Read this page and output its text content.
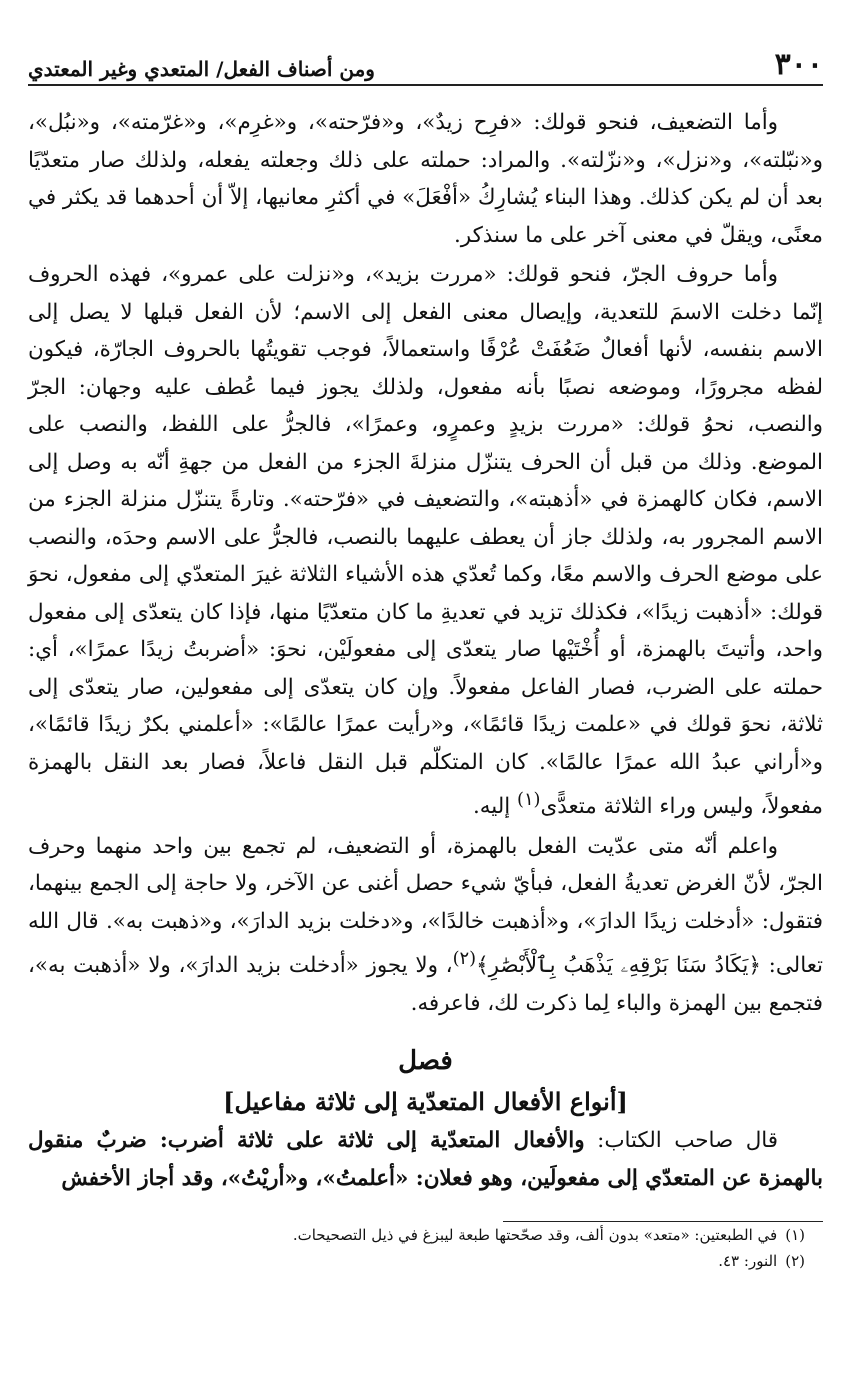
٣٠٠
ومن أصناف الفعل/ المتعدي وغير المعتدي

وأما التضعيف، فنحو قولك: «فرِح زيدٌ»، و«فرّحته»، و«غرِم»، و«غرّمته»، و«نبُل»، و«نبّلته»، و«نزل»، و«نزّلته». والمراد: حملته على ذلك وجعلته يفعله، ولذلك صار متعدّيًا بعد أن لم يكن كذلك. وهذا البناء يُشارِكُ «أفْعَلَ» في أكثرِ معانيها، إلاّ أن أحدهما قد يكثر في معنًى، ويقلّ في معنى آخر على ما سنذكر.

وأما حروف الجرّ، فنحو قولك: «مررت بزيد»، و«نزلت على عمرو»، فهذه الحروف إنّما دخلت الاسمَ للتعدية، وإيصال معنى الفعل إلى الاسم؛ لأن الفعل قبلها لا يصل إلى الاسم بنفسه، لأنها أفعالٌ ضَعُفَتْ عُرْفًا واستعمالاً، فوجب تقويتُها بالحروف الجارّة، فيكون لفظه مجرورًا، وموضعه نصبًا بأنه مفعول، ولذلك يجوز فيما عُطف عليه وجهان: الجرّ والنصب، نحوُ قولك: «مررت بزيدٍ وعمرٍو، وعمرًا»، فالجرُّ على اللفظ، والنصب على الموضع. وذلك من قبل أن الحرف يتنزّل منزلةَ الجزء من الفعل من جهةِ أنّه به وصل إلى الاسم، فكان كالهمزة في «أذهبته»، والتضعيف في «فرّحته». وتارةً يتنزّل منزلة الجزء من الاسم المجرور به، ولذلك جاز أن يعطف عليهما بالنصب، فالجرُّ على الاسم وحدَه، والنصب على موضع الحرف والاسم معًا، وكما تُعدّي هذه الأشياء الثلاثة غيرَ المتعدّي إلى مفعول، نحوَ قولك: «أذهبت زيدًا»، فكذلك تزيد في تعديةِ ما كان متعدّيًا منها، فإذا كان يتعدّى إلى مفعول واحد، وأتيتَ بالهمزة، أو أُخْتَيْها صار يتعدّى إلى مفعولَيْن، نحوَ: «أضربتُ زيدًا عمرًا»، أي: حملته على الضرب، فصار الفاعل مفعولاً. وإن كان يتعدّى إلى مفعولين، صار يتعدّى إلى ثلاثة، نحوَ قولك في «علمت زيدًا قائمًا»، و«رأيت عمرًا عالمًا»: «أعلمني بكرٌ زيدًا قائمًا»، و«أراني عبدُ الله عمرًا عالمًا». كان المتكلّم قبل النقل فاعلاً، فصار بعد النقل بالهمزة مفعولاً، وليس وراء الثلاثة متعدًّى$^{(١)}$ إليه.

واعلم أنّه متى عدّيت الفعل بالهمزة، أو التضعيف، لم تجمع بين واحد منهما وحرف الجرّ، لأنّ الغرض تعديةُ الفعل، فبأيّ شيء حصل أغنى عن الآخر، ولا حاجة إلى الجمع بينهما، فتقول: «أدخلت زيدًا الدارَ»، و«أذهبت خالدًا»، و«دخلت بزيد الدارَ»، و«ذهبت به». قال الله تعالى: ﴿يَكَادُ سَنَا بَرْقِهِۦ يَذْهَبُ بِٱلْأَبْصَٰرِ﴾$^{(٢)}$، ولا يجوز «أدخلت بزيد الدارَ»، ولا «أذهبت به»، فتجمع بين الهمزة والباء لِما ذكرت لك، فاعرفه.

فصل
[أنواع الأفعال المتعدّية إلى ثلاثة مفاعيل]

قال صاحب الكتاب: والأفعال المتعدّية إلى ثلاثة على ثلاثة أضرب: ضربٌ منقول بالهمزة عن المتعدّي إلى مفعولَين، وهو فعلان: «أعلمتُ»، و«أريْتُ»، وقد أجاز الأخفش

(١)في الطبعتين: «متعد» بدون ألف، وقد صحّحتها طبعة ليبزغ في ذيل التصحيحات.

(٢)النور: ٤٣.
